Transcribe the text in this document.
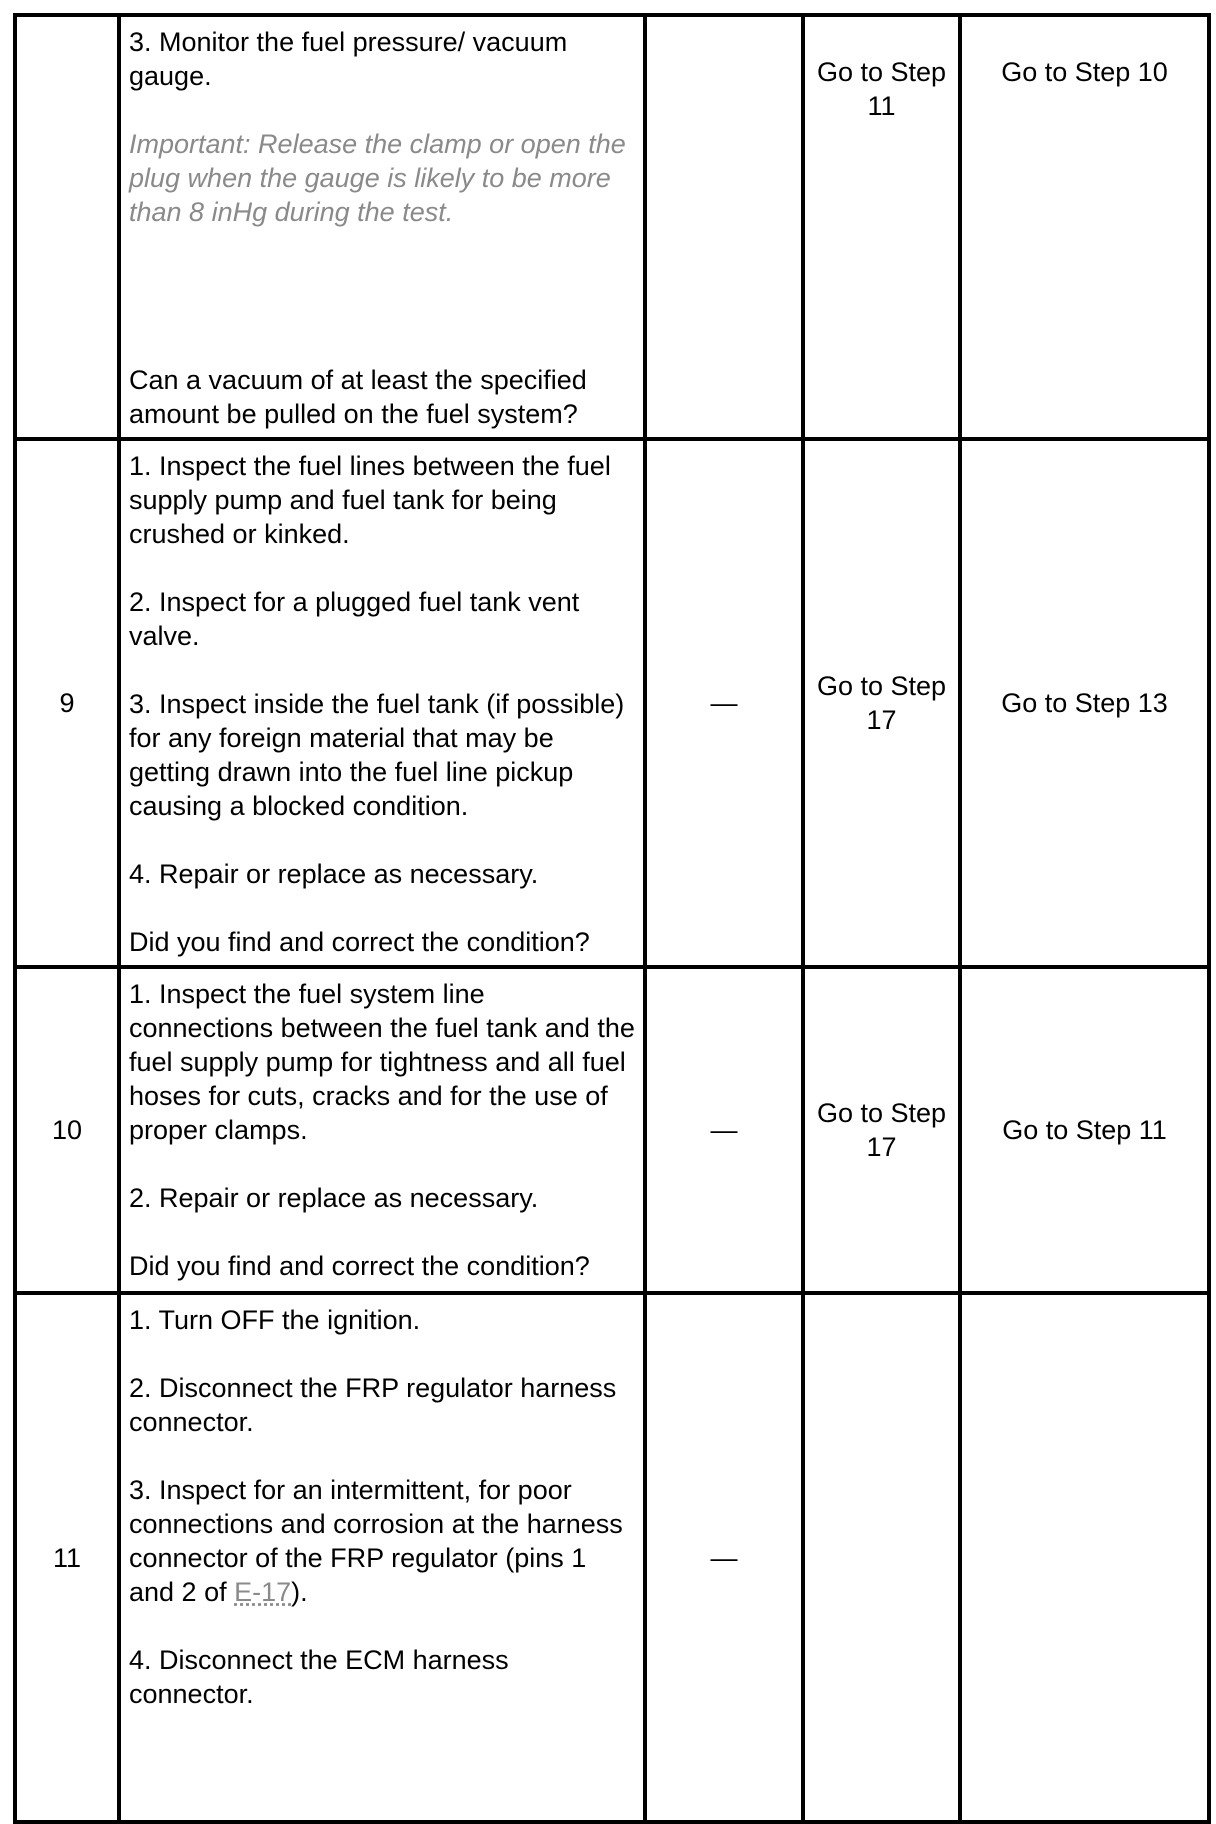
	3. Monitor the fuel pressure/ vacuum gauge.
Important: Release the clamp or open the plug when the gauge is likely to be more than 8 inHg during the test.
Can a vacuum of at least the specified amount be pulled on the fuel system?		Go to Step 11	Go to Step 10
9	1. Inspect the fuel lines between the fuel supply pump and fuel tank for being crushed or kinked.
2. Inspect for a plugged fuel tank vent valve.
3. Inspect inside the fuel tank (if possible) for any foreign material that may be getting drawn into the fuel line pickup causing a blocked condition.
4. Repair or replace as necessary.
Did you find and correct the condition?	—	Go to Step 17	Go to Step 13
10	1. Inspect the fuel system line connections between the fuel tank and the fuel supply pump for tightness and all fuel hoses for cuts, cracks and for the use of proper clamps.
2. Repair or replace as necessary.
Did you find and correct the condition?	—	Go to Step 17	Go to Step 11
11	1. Turn OFF the ignition.
2. Disconnect the FRP regulator harness connector.
3. Inspect for an intermittent, for poor connections and corrosion at the harness connector of the FRP regulator (pins 1 and 2 of E-17).
4. Disconnect the ECM harness connector.	—		
